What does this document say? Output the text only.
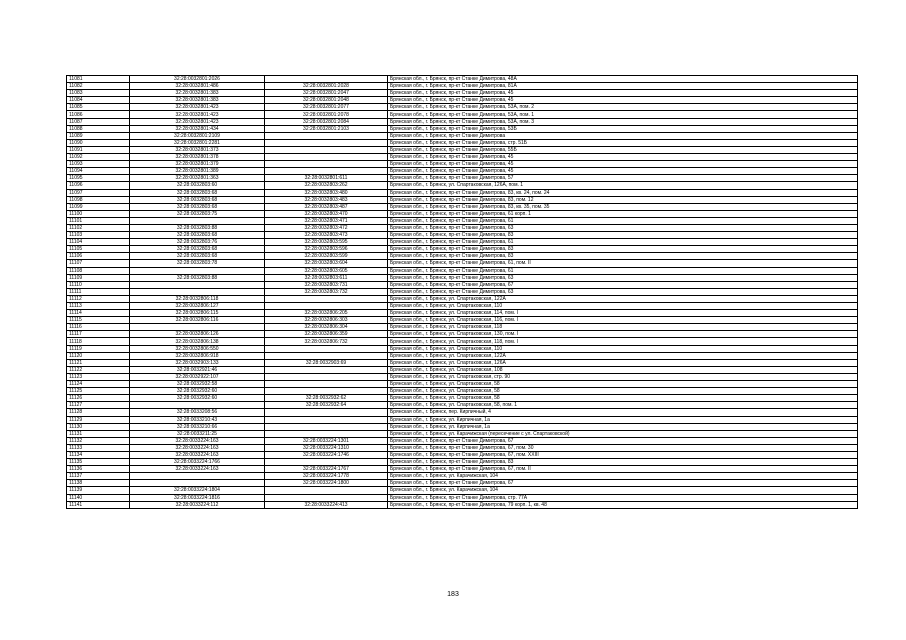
11081	32:28:0032801:2026		Брянская обл., г. Брянск, пр-кт Станке Димитрова, 48А
11082	32:28:0032801:486	32:28:0032801:2028	Брянская обл., г. Брянск, пр-кт Станке Димитрова, 81А
11083	32:28:0032801:383	32:28:0032801:2047	Брянская обл., г. Брянск, пр-кт Станке Димитрова, 45
11084	32:28:0032801:383	32:28:0032801:2048	Брянская обл., г. Брянск, пр-кт Станке Димитрова, 45
11085	32:28:0032801:423	32:28:0032801:2077	Брянская обл., г. Брянск, пр-кт Станке Димитрова, 53А, пом. 2
11086	32:28:0032801:423	32:28:0032801:2078	Брянская обл., г. Брянск, пр-кт Станке Димитрова, 53А, пом. 1
11087	32:28:0032801:423	32:28:0032801:2084	Брянская обл., г. Брянск, пр-кт Станке Димитрова, 53А, пом. 3
11088	32:28:0032801:434	32:28:0032801:2103	Брянская обл., г. Брянск, пр-кт Станке Димитрова, 53Б
11089	32:28:0032801:2109		Брянская обл., г. Брянск, пр-кт Станке Димитрова
11090	32:28:0032801:2281		Брянская обл., г. Брянск, пр-кт Станке Димитрова, стр. 51Б
11091	32:28:0032801:373		Брянская обл., г. Брянск, пр-кт Станке Димитрова, 55Б
11092	32:28:0032801:378		Брянская обл., г. Брянск, пр-кт Станке Димитрова, 45
11093	32:28:0032801:379		Брянская обл., г. Брянск, пр-кт Станке Димитрова, 45
11094	32:28:0032801:389		Брянская обл., г. Брянск, пр-кт Станке Димитрова, 45
11095	32:28:0032801:363	32:28:0032801:611	Брянская обл., г. Брянск, пр-кт Станке Димитрова, 57
11096	32:28:0032803:60	32:28:0032803:262	Брянская обл., г. Брянск, ул. Спартаковская, 126А, пом. 1
11097	32:28:0032803:68	32:28:0032803:480	Брянская обл., г. Брянск, пр-кт Станке Димитрова, 83, кв. 24, пом. 24
11098	32:28:0032803:68	32:28:0032803:483	Брянская обл., г. Брянск, пр-кт Станке Димитрова, 83, пом. 12
11099	32:28:0032803:68	32:28:0032803:487	Брянская обл., г. Брянск, пр-кт Станке Димитрова, 83, кв. 35, пом. 35
11100	32:28:0032803:75	32:28:0032803:470	Брянская обл., г. Брянск, пр-кт Станке Димитрова, 61 корп. 1
11101		32:28:0032803:471	Брянская обл., г. Брянск, пр-кт Станке Димитрова, 61
11102	32:28:0032803:88	32:28:0032803:472	Брянская обл., г. Брянск, пр-кт Станке Димитрова, 63
11103	32:28:0032803:68	32:28:0032803:473	Брянская обл., г. Брянск, пр-кт Станке Димитрова, 83
11104	32:28:0032803:76	32:28:0032803:595	Брянская обл., г. Брянск, пр-кт Станке Димитрова, 61
11105	32:28:0032803:68	32:28:0032803:596	Брянская обл., г. Брянск, пр-кт Станке Димитрова, 83
11106	32:28:0032803:68	32:28:0032803:599	Брянская обл., г. Брянск, пр-кт Станке Димитрова, 83
11107	32:28:0032803:78	32:28:0032803:604	Брянская обл., г. Брянск, пр-кт Станке Димитрова, 61, пом. II
11108		32:28:0032803:605	Брянская обл., г. Брянск, пр-кт Станке Димитрова, 61
11109	32:28:0032803:88	32:28:0032803:611	Брянская обл., г. Брянск, пр-кт Станке Димитрова, 63
11110		32:28:0032803:731	Брянская обл., г. Брянск, пр-кт Станке Димитрова, 67
11111		32:28:0032803:732	Брянская обл., г. Брянск, пр-кт Станке Димитрова, 63
11112	32:28:0032806:118		Брянская обл., г. Брянск, ул. Спартаковская, 122А
11113	32:28:0032806:127		Брянская обл., г. Брянск, ул. Спартаковская, 110
11114	32:28:0032806:115	32:28:0032806:205	Брянская обл., г. Брянск, ул. Спартаковская, 114, пом. I
11115	32:28:0032806:116	32:28:0032806:303	Брянская обл., г. Брянск, ул. Спартаковская, 116, пом. I
11116		32:28:0032806:304	Брянская обл., г. Брянск, ул. Спартаковская, 118
11117	32:28:0032806:126	32:28:0032806:359	Брянская обл., г. Брянск, ул. Спартаковская, 130, пом. I
11118	32:28:0032806:138	32:28:0032806:732	Брянская обл., г. Брянск, ул. Спартаковская, 118, пом. I
11119	32:28:0032806:550		Брянская обл., г. Брянск, ул. Спартаковская, 110
11120	32:28:0032806:918		Брянская обл., г. Брянск, ул. Спартаковская, 122А
11121	32:28:0032903:133	32:28:0032903:69	Брянская обл., г. Брянск, ул. Спартаковская, 126А
11122	32:28:0032921:46		Брянская обл., г. Брянск, ул. Спартаковская, 108
11123	32:28:0032922:107		Брянская обл., г. Брянск, ул. Спартаковская, стр. 90
11124	32:28:0032932:58		Брянская обл., г. Брянск, ул. Спартаковская, 58
11125	32:28:0032932:60		Брянская обл., г. Брянск, ул. Спартаковская, 58
11126	32:28:0032932:60	32:28:0032932:62	Брянская обл., г. Брянск, ул. Спартаковская, 58
11127		32:28:0032932:64	Брянская обл., г. Брянск, ул. Спартаковская, 58, пом. 1
11128	32:28:0033208:56		Брянская обл., г. Брянск, пер. Кирпичный, 4
11129	32:28:0033210:43		Брянская обл., г. Брянск, ул. Кирпичная, 1а
11130	32:28:0033210:66		Брянская обл., г. Брянск, ул. Кирпичная, 1а
11131	32:28:0033211:25		Брянская обл., г. Брянск, ул. Карачижская (пересечение с ул. Спартаковской)
11132	32:28:0033224:163	32:28:0033224:1301	Брянская обл., г. Брянск, пр-кт Станке Димитрова, 67
11133	32:28:0033224:163	32:28:0033224:1310	Брянская обл., г. Брянск, пр-кт Станке Димитрова, 67, пом. 30
11134	32:28:0033224:163	32:28:0033224:1746	Брянская обл., г. Брянск, пр-кт Станке Димитрова, 67, пом. XXIII
11135	32:28:0033224:1766		Брянская обл., г. Брянск, пр-кт Станке Димитрова, 83
11136	32:28:0033224:163	32:28:0033224:1767	Брянская обл., г. Брянск, пр-кт Станке Димитрова, 67, пом. II
11137		32:28:0033224:1778	Брянская обл., г. Брянск, ул. Карачижская, 104
11138		32:28:0033224:1800	Брянская обл., г. Брянск, пр-кт Станке Димитрова, 67
11139	32:28:0033224:1804		Брянская обл., г. Брянск, ул. Карачижская, 104
11140	32:28:0033224:1816		Брянская обл., г. Брянск, пр-кт Станке Димитрова, стр. 77А
11141	32:28:0033224:112	32:28:0033224:413	Брянская обл., г. Брянск, пр-кт Станке Димитрова, 79 корп. 1, кв. 48
183
